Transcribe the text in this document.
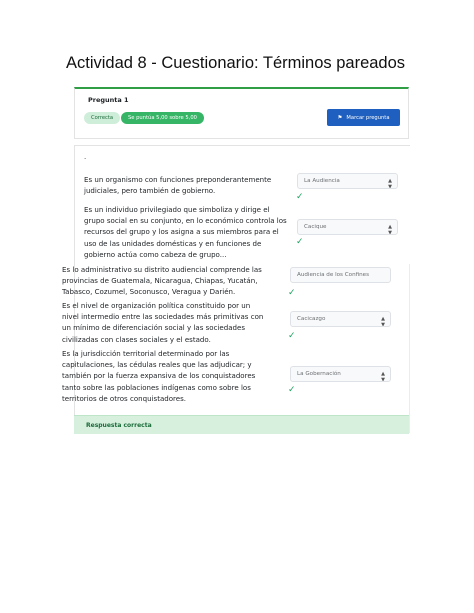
Actividad 8 - Cuestionario: Términos pareados
Pregunta 1
Correcta	Se puntúa 5,00 sobre 5,00	⚑ Marcar pregunta
.
Es un organismo con funciones preponderantemente
judiciales, pero también de gobierno.
La Audiencia	▲
▼
✓
Es un individuo privilegiado que simboliza y dirige el
grupo social en su conjunto, en lo económico controla los
recursos del grupo y los asigna a sus miembros para el
uso de las unidades domésticas y en funciones de
gobierno actúa como cabeza de grupo...
Cacique	▲
▼
✓
Es lo administrativo su distrito audiencial comprende las
provincias de Guatemala, Nicaragua, Chiapas, Yucatán,
Tabasco, Cozumel, Soconusco, Veragua y Darién.
Audiencia de los Confines
✓
Es el nivel de organización política constituido por un
nivel intermedio entre las sociedades más primitivas con
un mínimo de diferenciación social y las sociedades
civilizadas con clases sociales y el estado.
Cacicazgo	▲
▼
✓
Es la jurisdicción territorial determinado por las
capitulaciones, las cédulas reales que las adjudicar; y
también por la fuerza expansiva de los conquistadores
tanto sobre las poblaciones indígenas como sobre los
territorios de otros conquistadores.
La Gobernación	▲
▼
✓
Respuesta correcta
